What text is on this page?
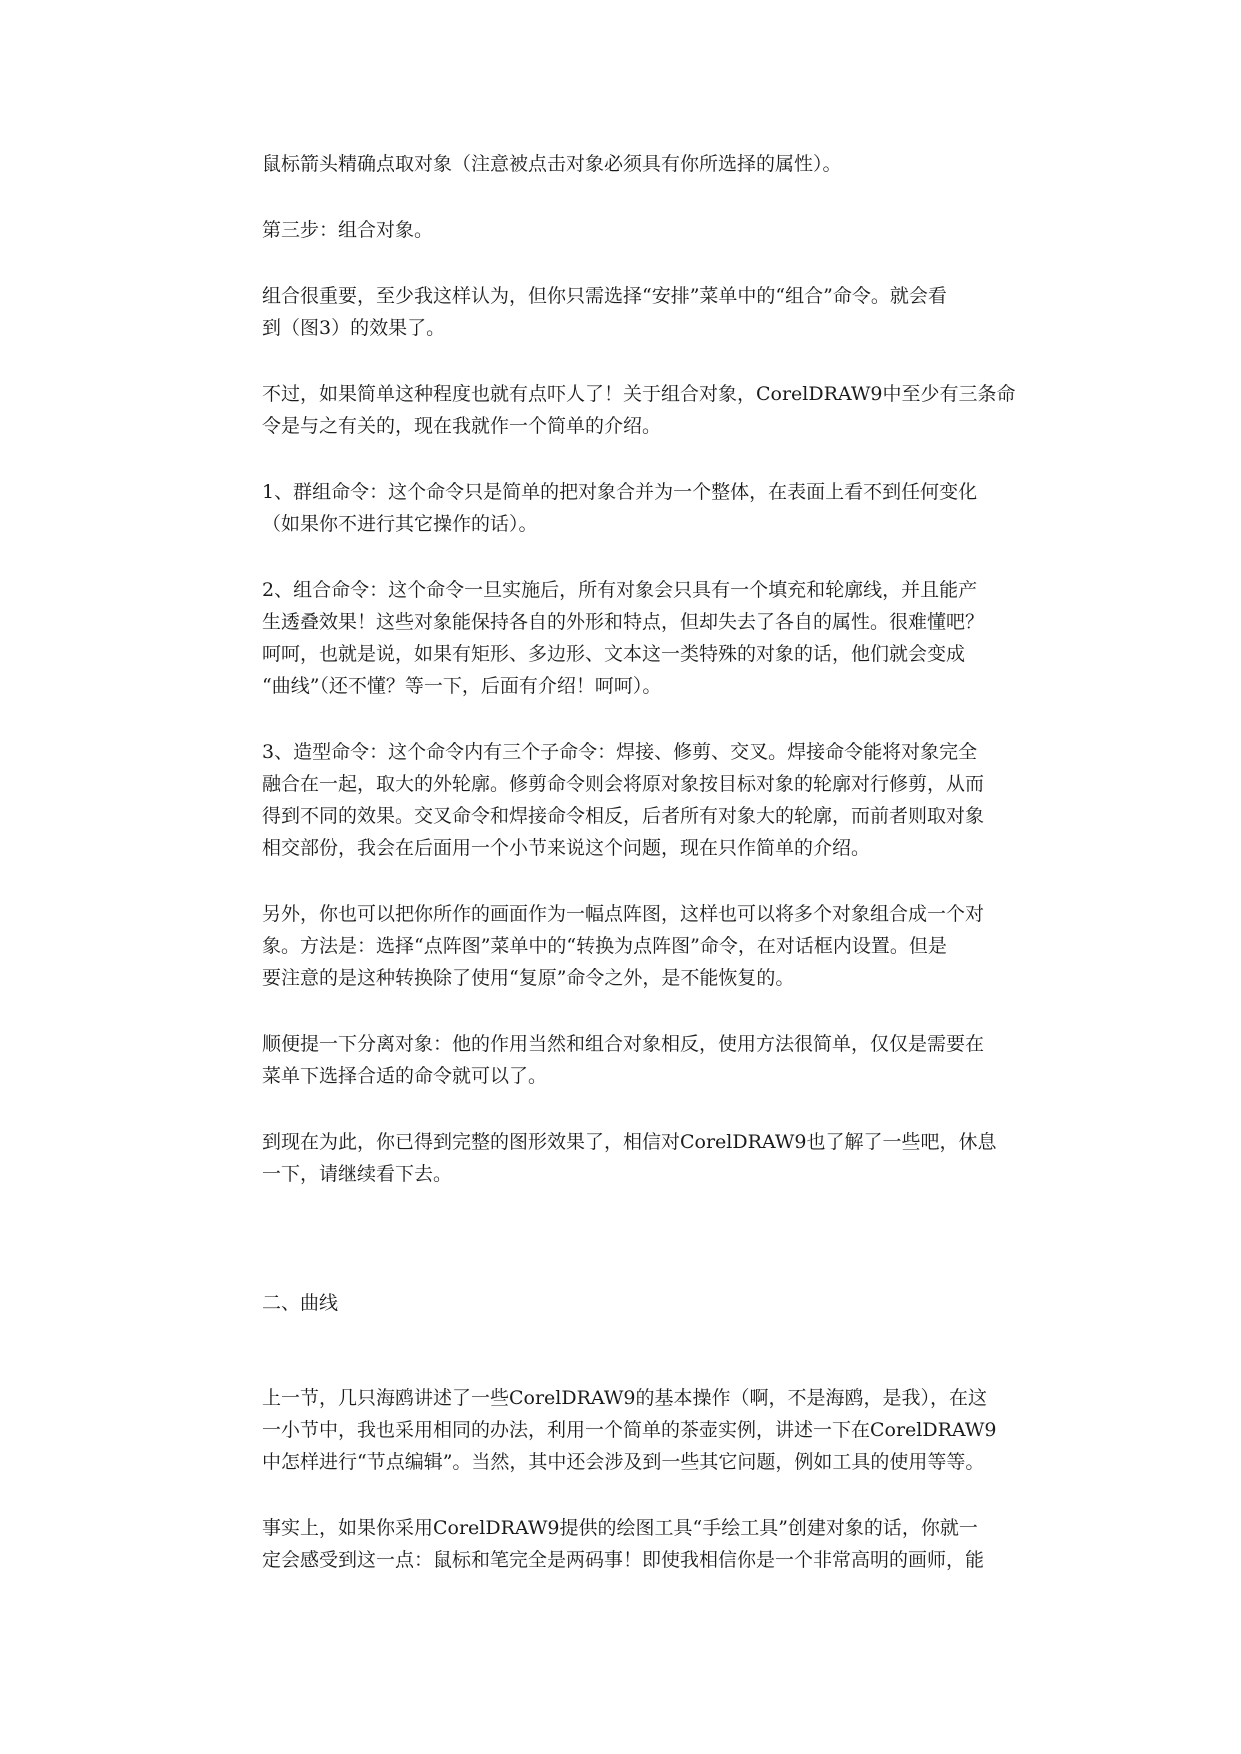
鼠标箭头精确点取对象（注意被点击对象必须具有你所选择的属性）。

第三步：组合对象。

组合很重要，至少我这样认为，但你只需选择“安排”菜单中的“组合”命令。就会看
到（图3）的效果了。

不过，如果简单这种程度也就有点吓人了！关于组合对象，CorelDRAW9中至少有三条命
令是与之有关的，现在我就作一个简单的介绍。

1、群组命令：这个命令只是简单的把对象合并为一个整体，在表面上看不到任何变化
（如果你不进行其它操作的话）。

2、组合命令：这个命令一旦实施后，所有对象会只具有一个填充和轮廓线，并且能产
生透叠效果！这些对象能保持各自的外形和特点，但却失去了各自的属性。很难懂吧？
呵呵，也就是说，如果有矩形、多边形、文本这一类特殊的对象的话，他们就会变成
“曲线”（还不懂？等一下，后面有介绍！呵呵）。

3、造型命令：这个命令内有三个子命令：焊接、修剪、交叉。焊接命令能将对象完全
融合在一起，取大的外轮廓。修剪命令则会将原对象按目标对象的轮廓对行修剪，从而
得到不同的效果。交叉命令和焊接命令相反，后者所有对象大的轮廓，而前者则取对象
相交部份，我会在后面用一个小节来说这个问题，现在只作简单的介绍。

另外，你也可以把你所作的画面作为一幅点阵图，这样也可以将多个对象组合成一个对
象。方法是：选择“点阵图”菜单中的“转换为点阵图”命令，在对话框内设置。但是
要注意的是这种转换除了使用“复原”命令之外，是不能恢复的。

顺便提一下分离对象：他的作用当然和组合对象相反，使用方法很简单，仅仅是需要在
菜单下选择合适的命令就可以了。

到现在为此，你已得到完整的图形效果了，相信对CorelDRAW9也了解了一些吧，休息
一下，请继续看下去。

二、曲线

上一节，几只海鸥讲述了一些CorelDRAW9的基本操作（啊，不是海鸥，是我），在这
一小节中，我也采用相同的办法，利用一个简单的茶壶实例，讲述一下在CorelDRAW9
中怎样进行“节点编辑”。当然，其中还会涉及到一些其它问题，例如工具的使用等等。

事实上，如果你采用CorelDRAW9提供的绘图工具“手绘工具”创建对象的话，你就一
定会感受到这一点：鼠标和笔完全是两码事！即使我相信你是一个非常高明的画师，能
